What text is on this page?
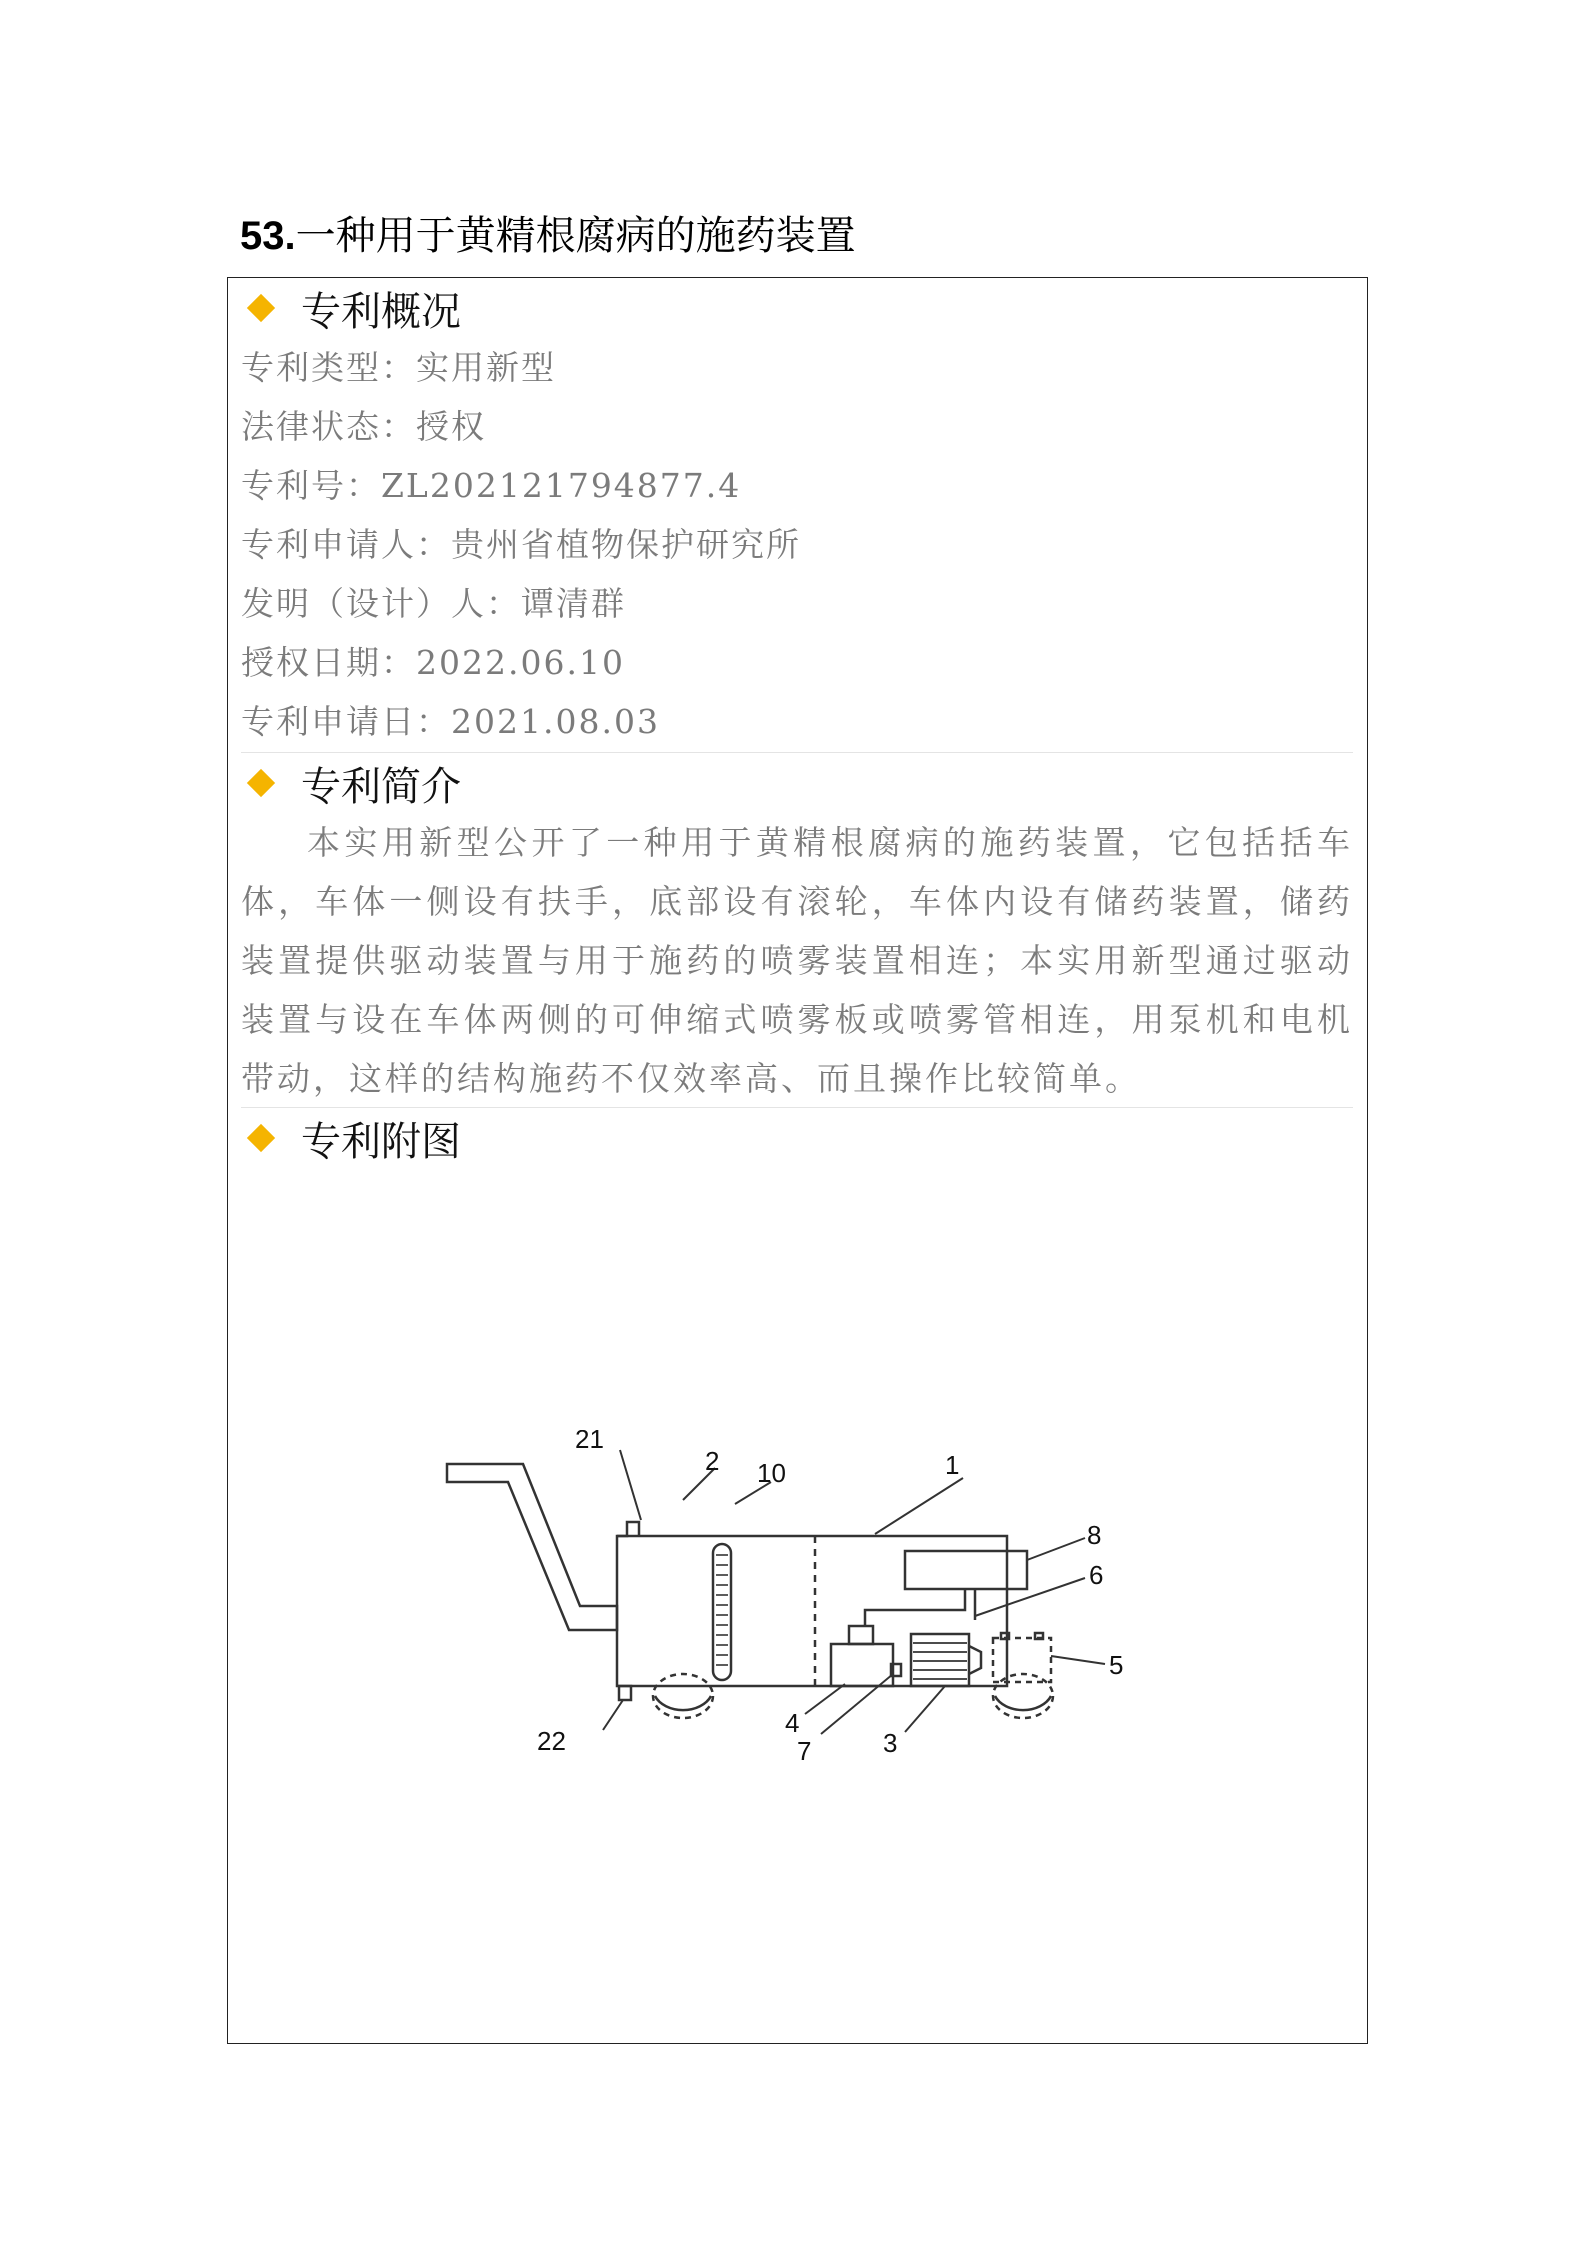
53.一种用于黄精根腐病的施药装置
专利概况
专利类型：实用新型
法律状态：授权
专利号：ZL202121794877.4
专利申请人：贵州省植物保护研究所
发明（设计）人：谭清群
授权日期：2022.06.10
专利申请日：2021.08.03
专利简介

本实用新型公开了一种用于黄精根腐病的施药装置，它包括括车体，车体一侧设有扶手，底部设有滚轮，车体内设有储药装置，储药装置提供驱动装置与用于施药的喷雾装置相连；本实用新型通过驱动装置与设在车体两侧的可伸缩式喷雾板或喷雾管相连，用泵机和电机带动，这样的结构施药不仅效率高、而且操作比较简单。

专利附图
21
2 10	1
8
6
5
4
7	3
22
